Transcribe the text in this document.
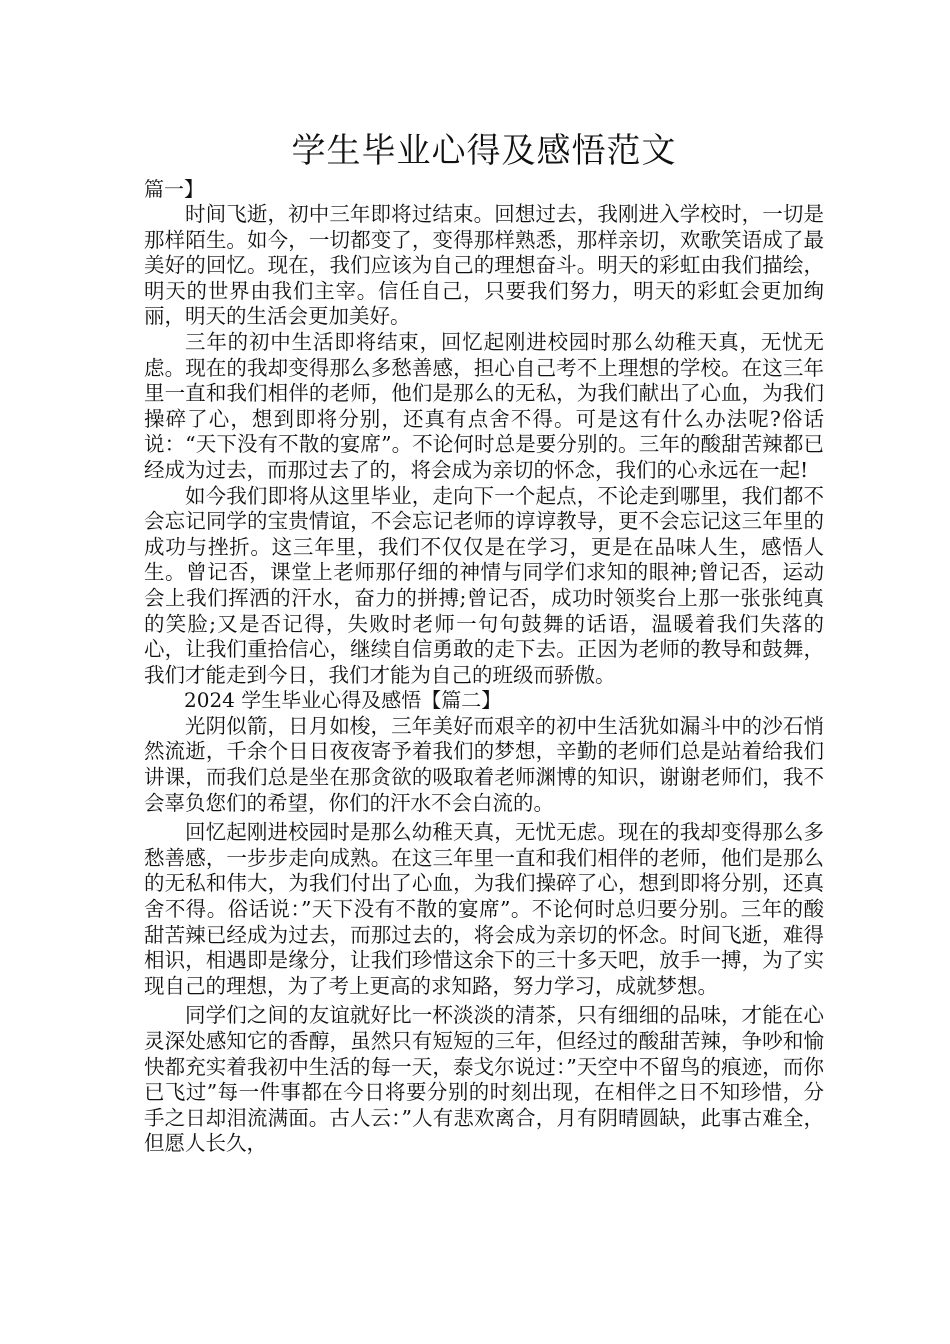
学生毕业心得及感悟范文

篇一】

时间飞逝，初中三年即将过结束。回想过去，我刚进入学校时，一切是那样陌生。如今，一切都变了，变得那样熟悉，那样亲切，欢歌笑语成了最美好的回忆。现在，我们应该为自己的理想奋斗。明天的彩虹由我们描绘，明天的世界由我们主宰。信任自己，只要我们努力，明天的彩虹会更加绚丽，明天的生活会更加美好。

三年的初中生活即将结束，回忆起刚进校园时那么幼稚天真，无忧无虑。现在的我却变得那么多愁善感，担心自己考不上理想的学校。在这三年里一直和我们相伴的老师，他们是那么的无私，为我们献出了心血，为我们操碎了心，想到即将分别，还真有点舍不得。可是这有什么办法呢?俗话说：“天下没有不散的宴席”。不论何时总是要分别的。三年的酸甜苦辣都已经成为过去，而那过去了的，将会成为亲切的怀念，我们的心永远在一起!

如今我们即将从这里毕业，走向下一个起点，不论走到哪里，我们都不会忘记同学的宝贵情谊，不会忘记老师的谆谆教导，更不会忘记这三年里的成功与挫折。这三年里，我们不仅仅是在学习，更是在品味人生，感悟人生。曾记否，课堂上老师那仔细的神情与同学们求知的眼神;曾记否，运动会上我们挥洒的汗水，奋力的拼搏;曾记否，成功时领奖台上那一张张纯真的笑脸;又是否记得，失败时老师一句句鼓舞的话语，温暖着我们失落的心，让我们重拾信心，继续自信勇敢的走下去。正因为老师的教导和鼓舞，我们才能走到今日，我们才能为自己的班级而骄傲。

2024 学生毕业心得及感悟【篇二】

光阴似箭，日月如梭，三年美好而艰辛的初中生活犹如漏斗中的沙石悄然流逝，千余个日日夜夜寄予着我们的梦想，辛勤的老师们总是站着给我们讲课，而我们总是坐在那贪欲的吸取着老师渊博的知识，谢谢老师们，我不会辜负您们的希望，你们的汗水不会白流的。

回忆起刚进校园时是那么幼稚天真，无忧无虑。现在的我却变得那么多愁善感，一步步走向成熟。在这三年里一直和我们相伴的老师，他们是那么的无私和伟大，为我们付出了心血，为我们操碎了心，想到即将分别，还真舍不得。俗话说：”天下没有不散的宴席”。不论何时总归要分别。三年的酸甜苦辣已经成为过去，而那过去的，将会成为亲切的怀念。时间飞逝，难得相识，相遇即是缘分，让我们珍惜这余下的三十多天吧，放手一搏，为了实现自己的理想，为了考上更高的求知路，努力学习，成就梦想。

同学们之间的友谊就好比一杯淡淡的清茶，只有细细的品味，才能在心灵深处感知它的香醇，虽然只有短短的三年，但经过的酸甜苦辣，争吵和愉快都充实着我初中生活的每一天，泰戈尔说过：”天空中不留鸟的痕迹，而你已飞过”每一件事都在今日将要分别的时刻出现，在相伴之日不知珍惜，分手之日却泪流满面。古人云：”人有悲欢离合，月有阴晴圆缺，此事古难全，但愿人长久，
